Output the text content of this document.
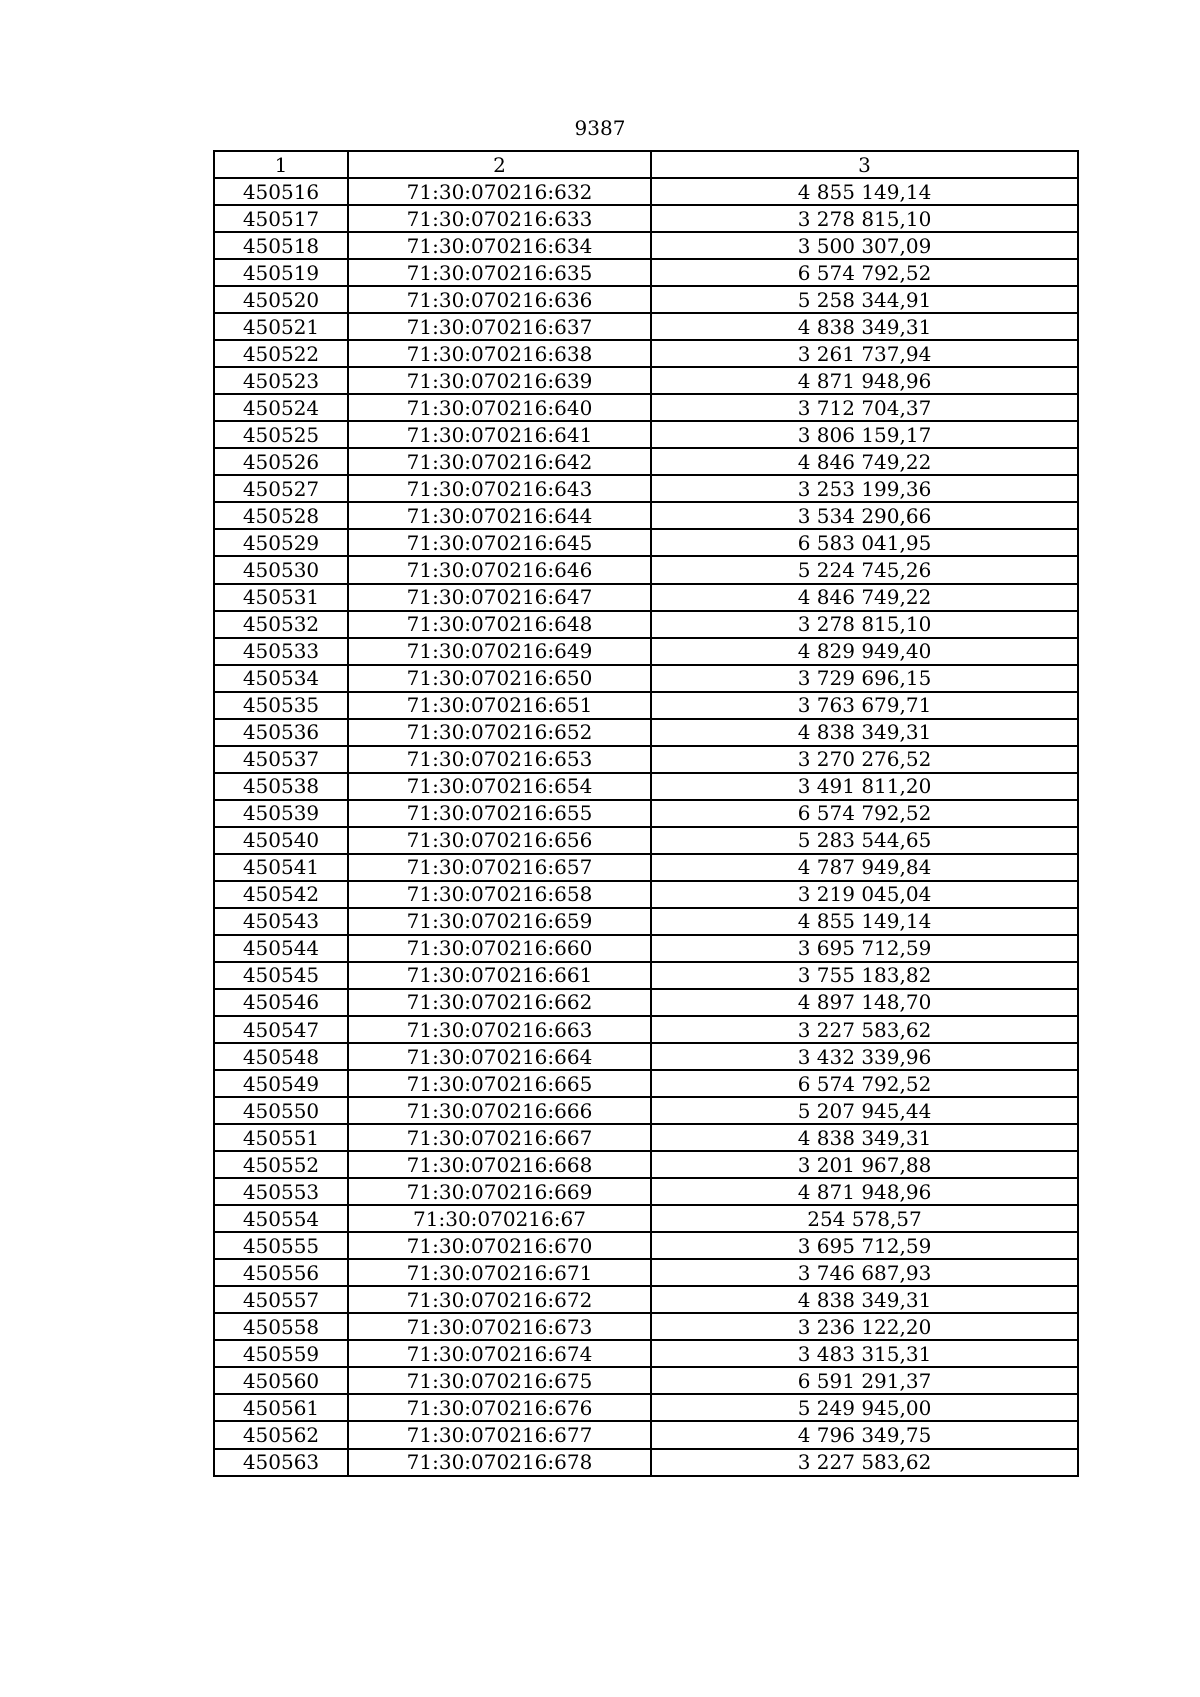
9387
1	2	3
450516	71:30:070216:632	4 855 149,14
450517	71:30:070216:633	3 278 815,10
450518	71:30:070216:634	3 500 307,09
450519	71:30:070216:635	6 574 792,52
450520	71:30:070216:636	5 258 344,91
450521	71:30:070216:637	4 838 349,31
450522	71:30:070216:638	3 261 737,94
450523	71:30:070216:639	4 871 948,96
450524	71:30:070216:640	3 712 704,37
450525	71:30:070216:641	3 806 159,17
450526	71:30:070216:642	4 846 749,22
450527	71:30:070216:643	3 253 199,36
450528	71:30:070216:644	3 534 290,66
450529	71:30:070216:645	6 583 041,95
450530	71:30:070216:646	5 224 745,26
450531	71:30:070216:647	4 846 749,22
450532	71:30:070216:648	3 278 815,10
450533	71:30:070216:649	4 829 949,40
450534	71:30:070216:650	3 729 696,15
450535	71:30:070216:651	3 763 679,71
450536	71:30:070216:652	4 838 349,31
450537	71:30:070216:653	3 270 276,52
450538	71:30:070216:654	3 491 811,20
450539	71:30:070216:655	6 574 792,52
450540	71:30:070216:656	5 283 544,65
450541	71:30:070216:657	4 787 949,84
450542	71:30:070216:658	3 219 045,04
450543	71:30:070216:659	4 855 149,14
450544	71:30:070216:660	3 695 712,59
450545	71:30:070216:661	3 755 183,82
450546	71:30:070216:662	4 897 148,70
450547	71:30:070216:663	3 227 583,62
450548	71:30:070216:664	3 432 339,96
450549	71:30:070216:665	6 574 792,52
450550	71:30:070216:666	5 207 945,44
450551	71:30:070216:667	4 838 349,31
450552	71:30:070216:668	3 201 967,88
450553	71:30:070216:669	4 871 948,96
450554	71:30:070216:67	254 578,57
450555	71:30:070216:670	3 695 712,59
450556	71:30:070216:671	3 746 687,93
450557	71:30:070216:672	4 838 349,31
450558	71:30:070216:673	3 236 122,20
450559	71:30:070216:674	3 483 315,31
450560	71:30:070216:675	6 591 291,37
450561	71:30:070216:676	5 249 945,00
450562	71:30:070216:677	4 796 349,75
450563	71:30:070216:678	3 227 583,62
